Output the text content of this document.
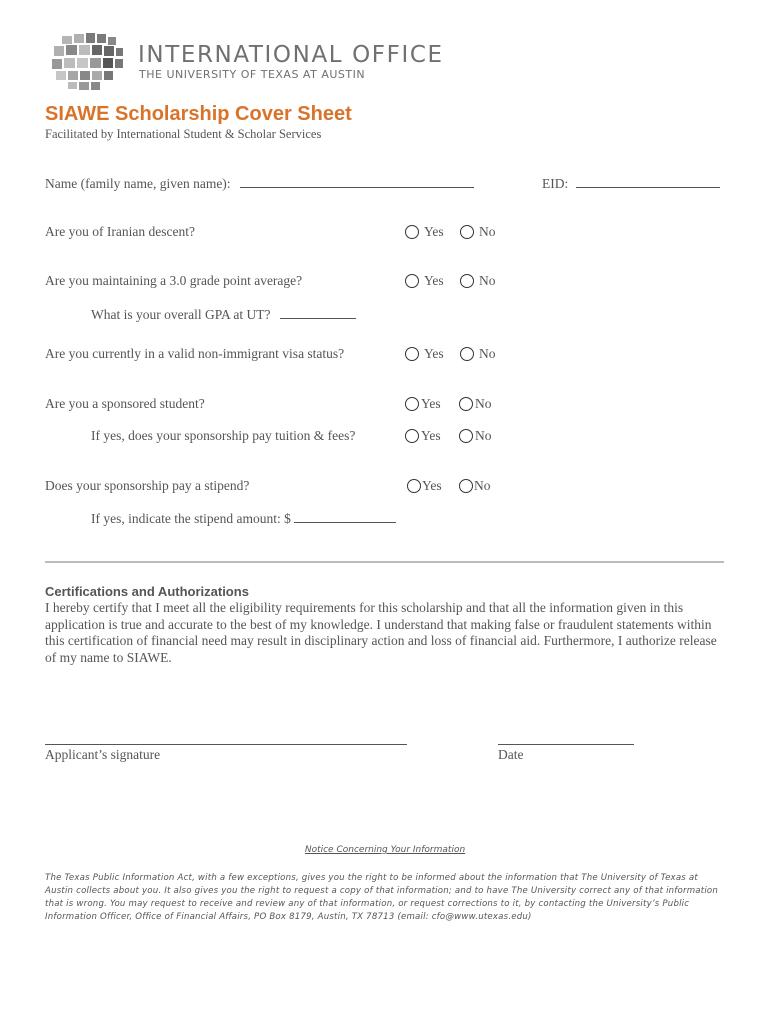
INTERNATIONAL OFFICE
THE UNIVERSITY OF TEXAS AT AUSTIN
SIAWE Scholarship Cover Sheet
Facilitated by International Student & Scholar Services
Name (family name, given name):	EID:
Are you of Iranian descent?	Yes	No
Are you maintaining a 3.0 grade point average?	Yes	No
What is your overall GPA at UT?
Are you currently in a valid non-immigrant visa status?	Yes	No
Are you a sponsored student?	Yes	No
If yes, does your sponsorship pay tuition & fees?	Yes	No
Does your sponsorship pay a stipend?	Yes No
If yes, indicate the stipend amount: $
Certifications and Authorizations
I hereby certify that I meet all the eligibility requirements for this scholarship and that all the information given in this application is true and accurate to the best of my knowledge. I understand that making false or fraudulent statements within this certification of financial need may result in disciplinary action and loss of financial aid. Furthermore, I authorize release of my name to SIAWE.
Applicant’s signature	Date
Notice Concerning Your Information
The Texas Public Information Act, with a few exceptions, gives you the right to be informed about the information that The University of Texas at Austin collects about you. It also gives you the right to request a copy of that information; and to have The University correct any of that information that is wrong. You may request to receive and review any of that information, or request corrections to it, by contacting the University’s Public Information Officer, Office of Financial Affairs, PO Box 8179, Austin, TX 78713 (email: cfo@www.utexas.edu)
